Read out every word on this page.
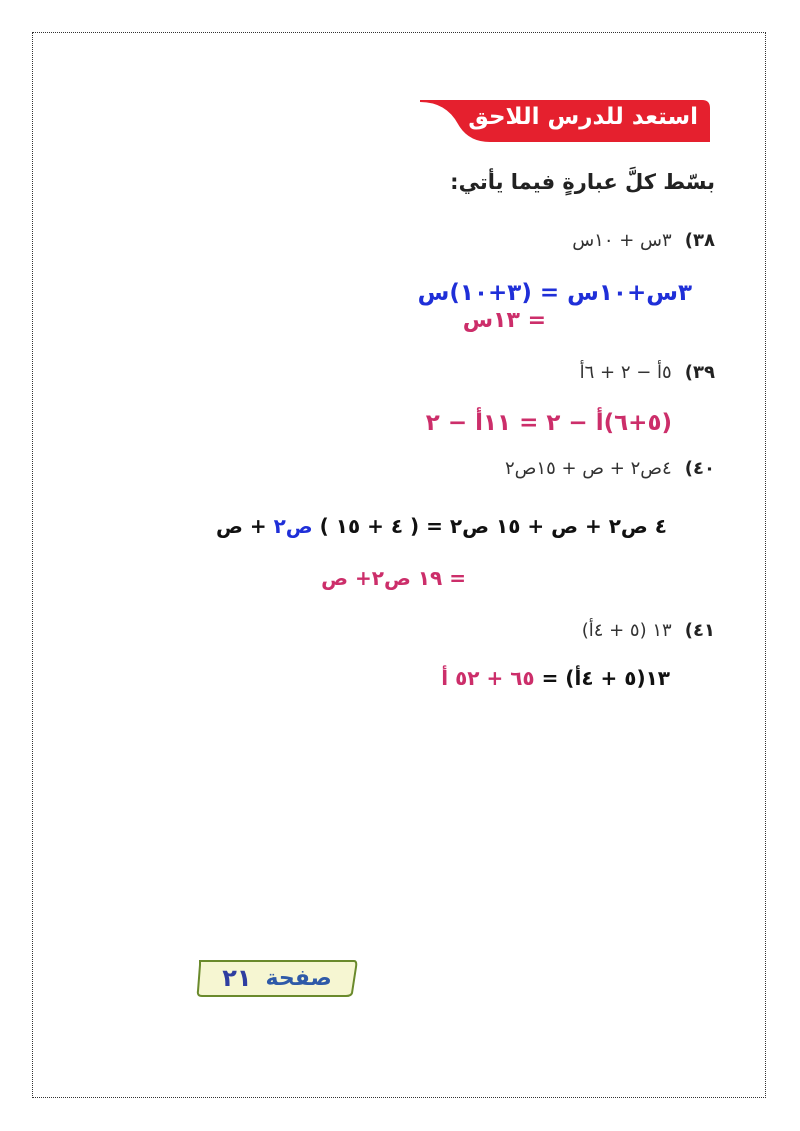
استعد للدرس اللاحق
بسّط كلَّ عبارةٍ فيما يأتي:
٣٨) ٣س + ١٠س
٣س+١٠س = (٣+١٠)س
= ١٣س
٣٩) ٥أ − ٢ + ٦أ
(٥+٦)أ − ٢ = ١١أ − ٢
٤٠) ٤ص٢ + ص + ١٥ص٢
٤ ص٢ + ص + ١٥ ص٢ = ( ٤ + ١٥ ) ص٢ + ص
= ١٩ ص٢+ ص
٤١) ١٣ (٥ + ٤أ)
١٣(٥ + ٤أ) = ٦٥ + ٥٢ أ
صفحة
٢١
